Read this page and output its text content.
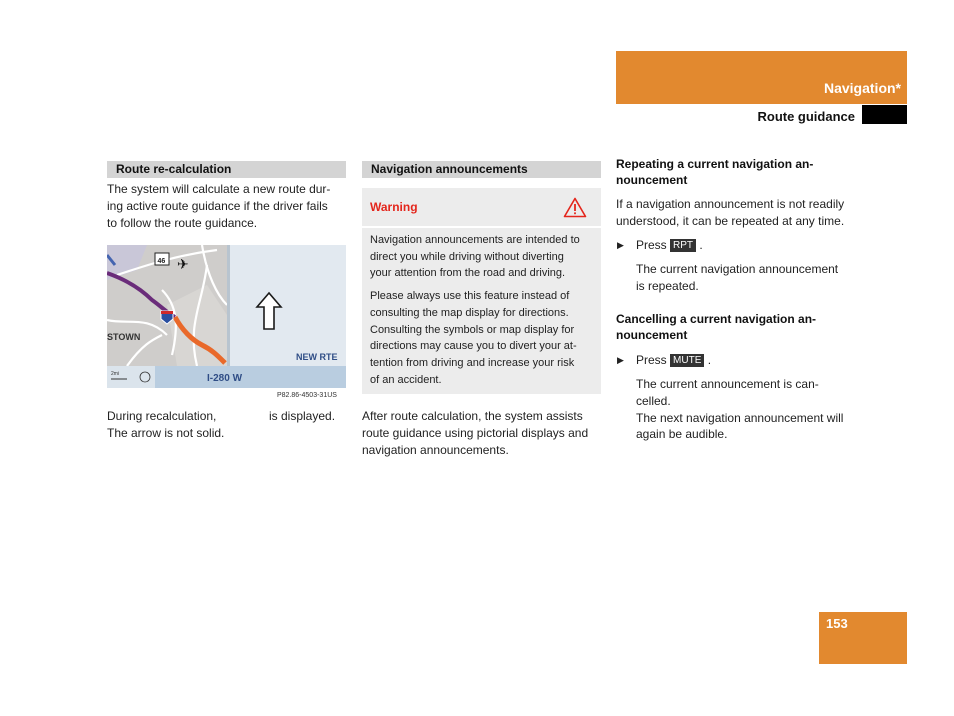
Navigation*
Route guidance
Route re-calculation
The system will calculate a new route dur-
ing active route guidance if the driver fails
to follow the route guidance.
✈
46
STOWN
NEW RTE
2mi	I-280 W
P82.86-4503-31US
During recalculation,	is displayed.
The arrow is not solid.
Navigation announcements
Warning
Navigation announcements are intended to
direct you while driving without diverting
your attention from the road and driving.
Please always use this feature instead of
consulting the map display for directions.
Consulting the symbols or map display for
directions may cause you to divert your at-
tention from driving and increase your risk
of an accident.
After route calculation, the system assists
route guidance using pictorial displays and
navigation announcements.
Repeating a current navigation an-
nouncement
If a navigation announcement is not readily
understood, it can be repeated at any time.
▶ Press RPT .
The current navigation announcement
is repeated.
Cancelling a current navigation an-
nouncement
▶ Press MUTE .
The current announcement is can-
celled.
The next navigation announcement will
again be audible.
153
